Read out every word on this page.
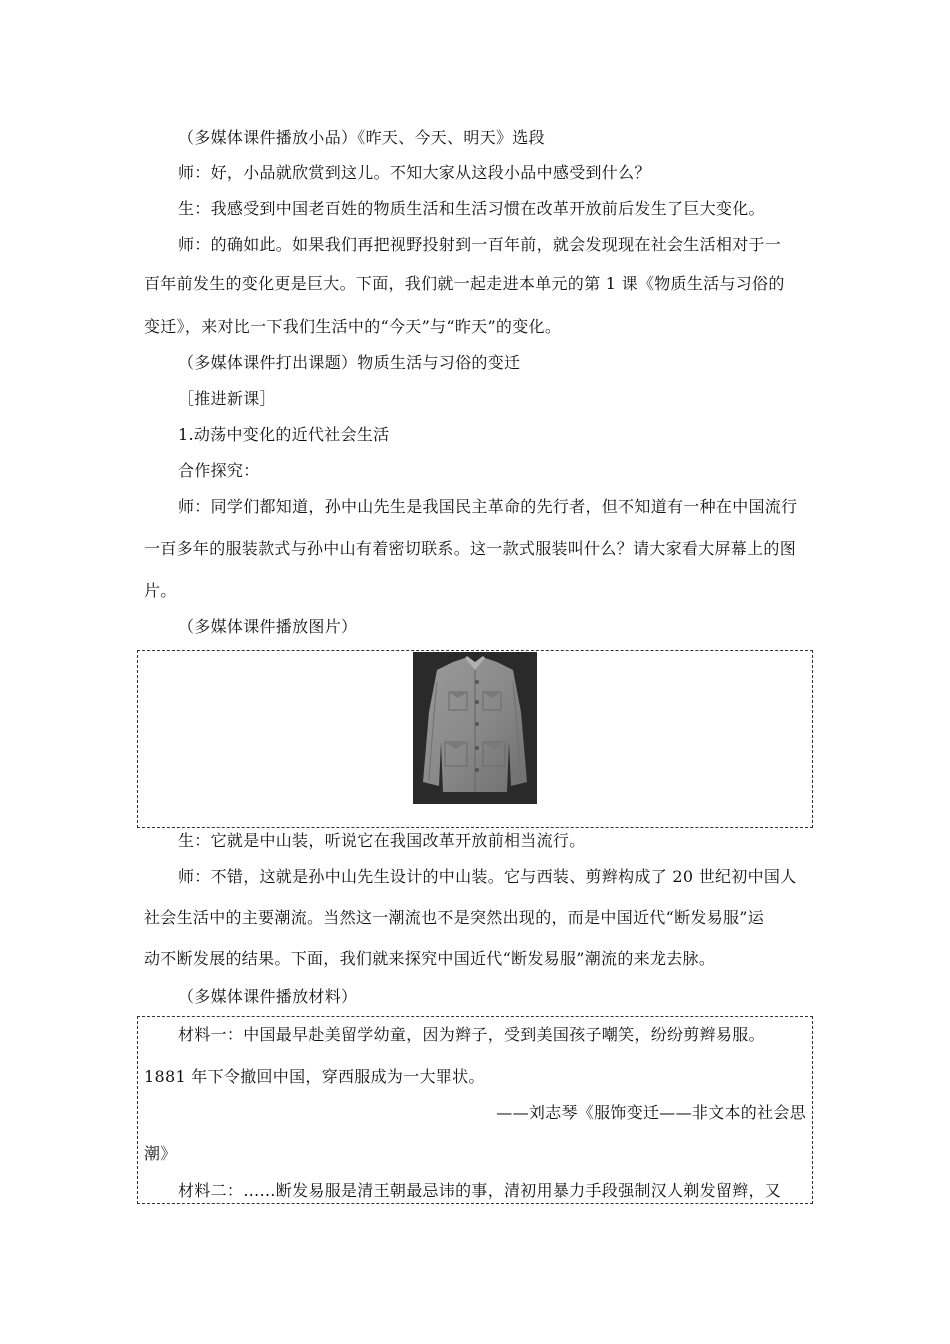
（多媒体课件播放小品）《昨天、今天、明天》选段
师：好，小品就欣赏到这儿。不知大家从这段小品中感受到什么？
生：我感受到中国老百姓的物质生活和生活习惯在改革开放前后发生了巨大变化。
师：的确如此。如果我们再把视野投射到一百年前，就会发现现在社会生活相对于一
百年前发生的变化更是巨大。下面，我们就一起走进本单元的第 1 课《物质生活与习俗的
变迁》，来对比一下我们生活中的“今天”与“昨天”的变化。
（多媒体课件打出课题）物质生活与习俗的变迁
［推进新课］
1.动荡中变化的近代社会生活
合作探究：
师：同学们都知道，孙中山先生是我国民主革命的先行者，但不知道有一种在中国流行
一百多年的服装款式与孙中山有着密切联系。这一款式服装叫什么？请大家看大屏幕上的图
片。
（多媒体课件播放图片）
生：它就是中山装，听说它在我国改革开放前相当流行。
师：不错，这就是孙中山先生设计的中山装。它与西装、剪辫构成了 20 世纪初中国人
社会生活中的主要潮流。当然这一潮流也不是突然出现的，而是中国近代“断发易服”运
动不断发展的结果。下面，我们就来探究中国近代“断发易服”潮流的来龙去脉。
（多媒体课件播放材料）
材料一：中国最早赴美留学幼童，因为辫子，受到美国孩子嘲笑，纷纷剪辫易服。
1881 年下令撤回中国，穿西服成为一大罪状。
——刘志琴《服饰变迁——非文本的社会思
潮》
材料二：……断发易服是清王朝最忌讳的事，清初用暴力手段强制汉人剃发留辫，又
